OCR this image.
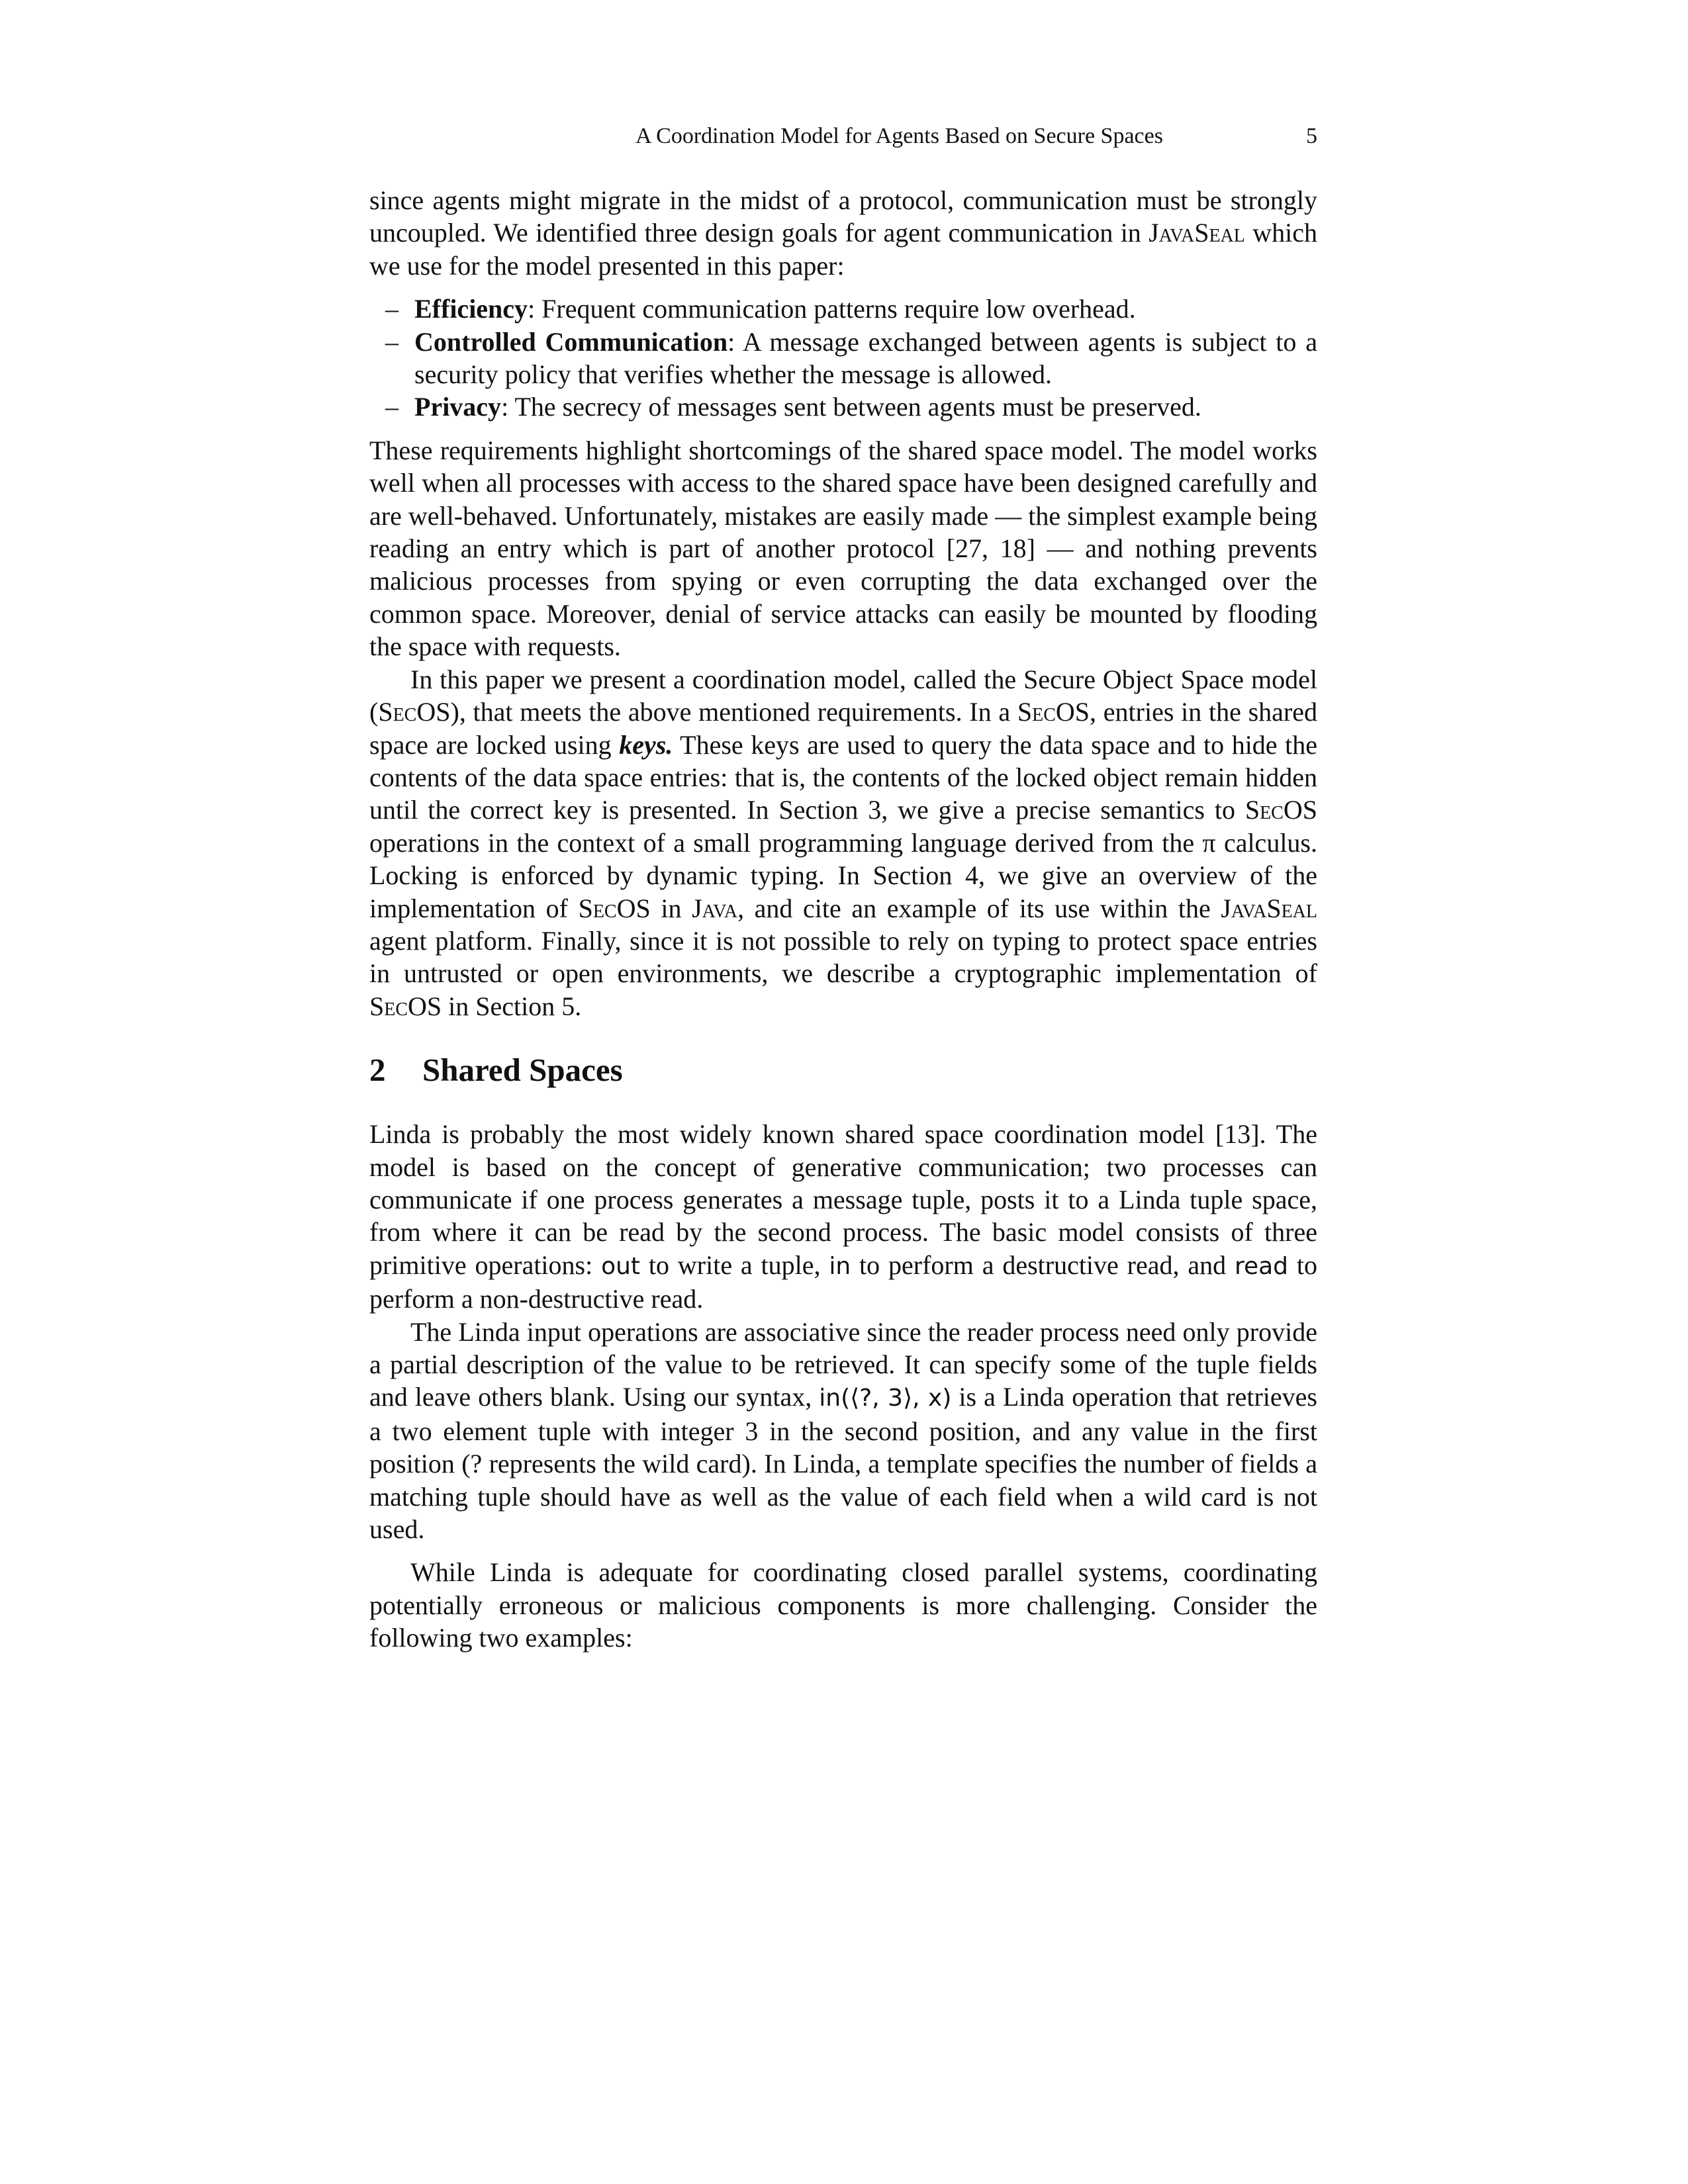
A Coordination Model for Agents Based on Secure Spaces	5

since agents might migrate in the midst of a protocol, communication must be strongly uncoupled. We identified three design goals for agent communication in JavaSeal which we use for the model presented in this paper:

– Efficiency: Frequent communication patterns require low overhead.
– Controlled Communication: A message exchanged between agents is subject to a security policy that verifies whether the message is allowed.
– Privacy: The secrecy of messages sent between agents must be preserved.

These requirements highlight shortcomings of the shared space model. The model works well when all processes with access to the shared space have been designed carefully and are well-behaved. Unfortunately, mistakes are easily made — the simplest example being reading an entry which is part of another protocol [27, 18] — and nothing prevents malicious processes from spying or even corrupting the data exchanged over the common space. Moreover, denial of service attacks can easily be mounted by flooding the space with requests.

In this paper we present a coordination model, called the Secure Object Space model (SecOS), that meets the above mentioned requirements. In a SecOS, entries in the shared space are locked using keys. These keys are used to query the data space and to hide the contents of the data space entries: that is, the contents of the locked object remain hidden until the correct key is presented. In Section 3, we give a precise semantics to SecOS operations in the context of a small programming language derived from the π calculus. Locking is enforced by dynamic typing. In Section 4, we give an overview of the implementation of SecOS in Java, and cite an example of its use within the JavaSeal agent platform. Finally, since it is not possible to rely on typing to protect space entries in untrusted or open environments, we describe a cryptographic implementation of SecOS in Section 5.

2 Shared Spaces

Linda is probably the most widely known shared space coordination model [13]. The model is based on the concept of generative communication; two processes can communicate if one process generates a message tuple, posts it to a Linda tuple space, from where it can be read by the second process. The basic model consists of three primitive operations: out to write a tuple, in to perform a destructive read, and read to perform a non-destructive read.

The Linda input operations are associative since the reader process need only provide a partial description of the value to be retrieved. It can specify some of the tuple fields and leave others blank. Using our syntax, in(⟨?, 3⟩, x) is a Linda operation that retrieves a two element tuple with integer 3 in the second position, and any value in the first position (? represents the wild card). In Linda, a template specifies the number of fields a matching tuple should have as well as the value of each field when a wild card is not used.

While Linda is adequate for coordinating closed parallel systems, coordinating potentially erroneous or malicious components is more challenging. Consider the following two examples:
